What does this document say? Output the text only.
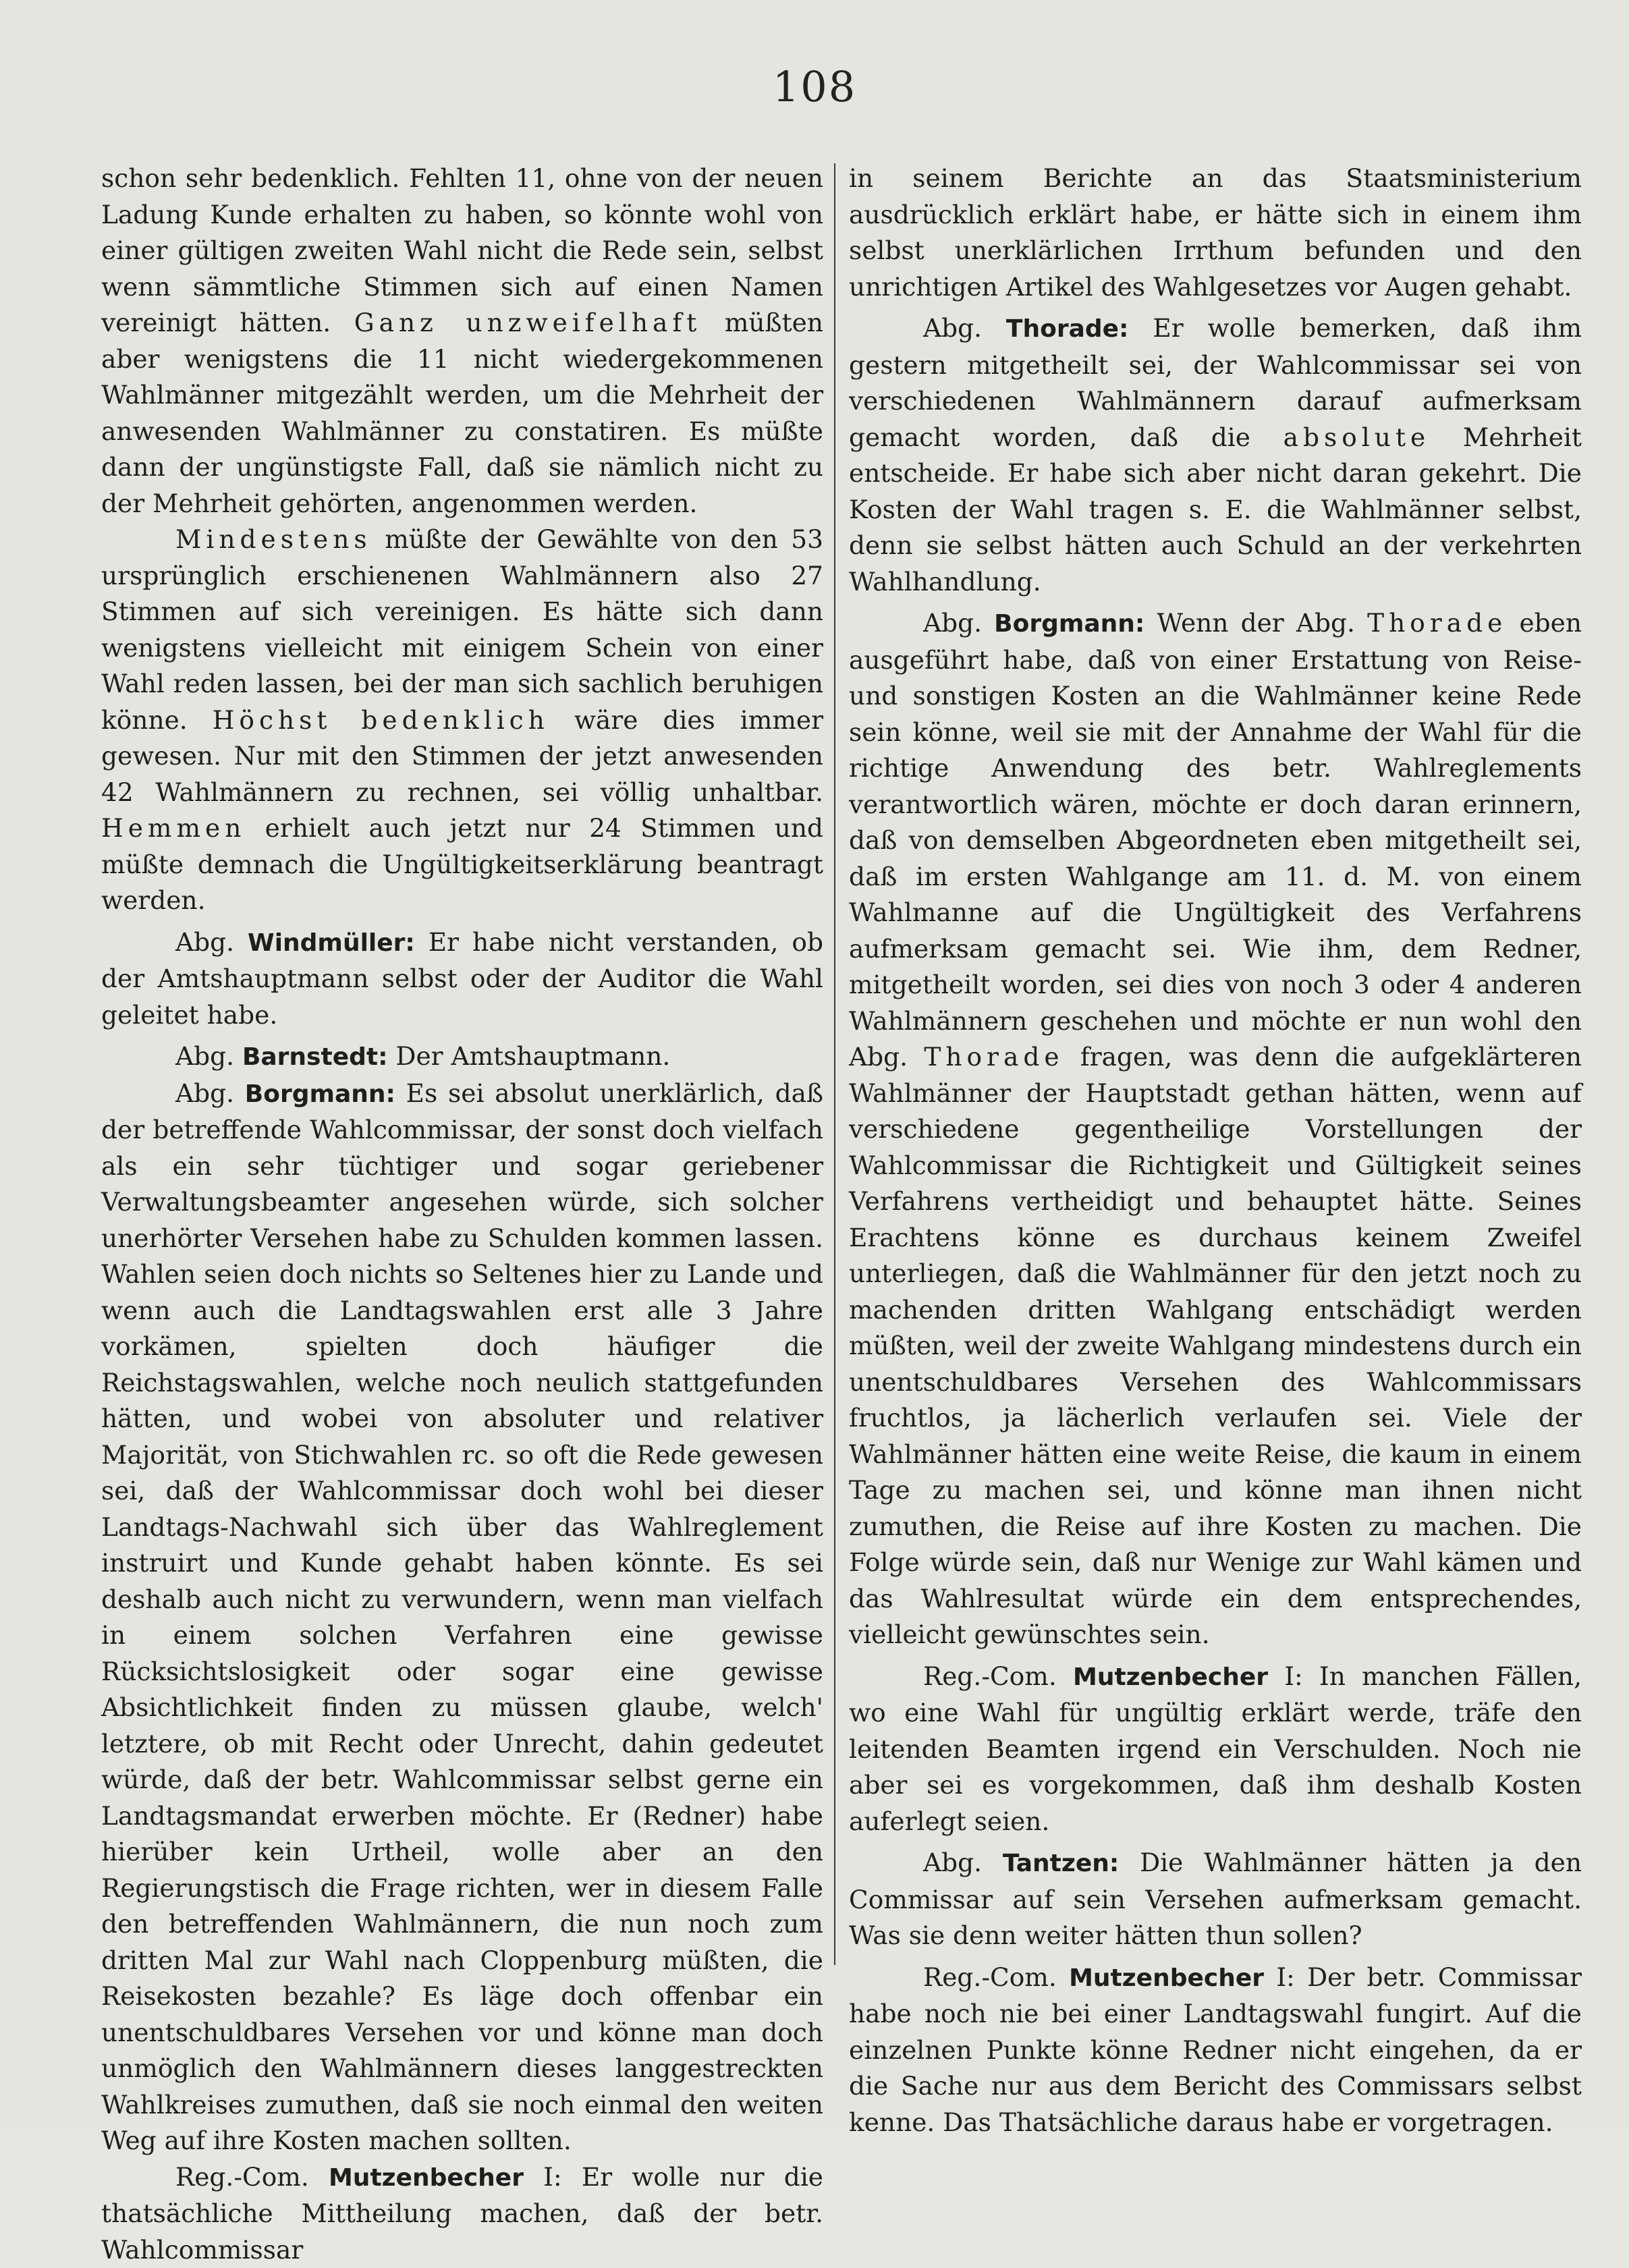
108

schon sehr bedenklich. Fehlten 11, ohne von der neuen Ladung Kunde erhalten zu haben, so könnte wohl von einer gültigen zweiten Wahl nicht die Rede sein, selbst wenn sämmtliche Stimmen sich auf einen Namen vereinigt hätten. Ganz unzweifelhaft müßten aber wenigstens die 11 nicht wiedergekommenen Wahlmänner mitgezählt werden, um die Mehrheit der anwesenden Wahlmänner zu constatiren. Es müßte dann der ungünstigste Fall, daß sie nämlich nicht zu der Mehrheit gehörten, angenommen werden.

Mindestens müßte der Gewählte von den 53 ursprünglich erschienenen Wahlmännern also 27 Stimmen auf sich vereinigen. Es hätte sich dann wenigstens vielleicht mit einigem Schein von einer Wahl reden lassen, bei der man sich sachlich beruhigen könne. Höchst bedenklich wäre dies immer gewesen. Nur mit den Stimmen der jetzt anwesenden 42 Wahlmännern zu rechnen, sei völlig unhaltbar. Hemmen erhielt auch jetzt nur 24 Stimmen und müßte demnach die Ungültigkeitserklärung beantragt werden.

Abg. Windmüller: Er habe nicht verstanden, ob der Amtshauptmann selbst oder der Auditor die Wahl geleitet habe.

Abg. Barnstedt: Der Amtshauptmann.

Abg. Borgmann: Es sei absolut unerklärlich, daß der betreffende Wahlcommissar, der sonst doch vielfach als ein sehr tüchtiger und sogar geriebener Verwaltungsbeamter angesehen würde, sich solcher unerhörter Versehen habe zu Schulden kommen lassen. Wahlen seien doch nichts so Seltenes hier zu Lande und wenn auch die Landtagswahlen erst alle 3 Jahre vorkämen, spielten doch häufiger die Reichstagswahlen, welche noch neulich stattgefunden hätten, und wobei von absoluter und relativer Majorität, von Stichwahlen rc. so oft die Rede gewesen sei, daß der Wahlcommissar doch wohl bei dieser Landtags-Nachwahl sich über das Wahlreglement instruirt und Kunde gehabt haben könnte. Es sei deshalb auch nicht zu verwundern, wenn man vielfach in einem solchen Verfahren eine gewisse Rücksichtslosigkeit oder sogar eine gewisse Absichtlichkeit finden zu müssen glaube, welch' letztere, ob mit Recht oder Unrecht, dahin gedeutet würde, daß der betr. Wahlcommissar selbst gerne ein Landtagsmandat erwerben möchte. Er (Redner) habe hierüber kein Urtheil, wolle aber an den Regierungstisch die Frage richten, wer in diesem Falle den betreffenden Wahlmännern, die nun noch zum dritten Mal zur Wahl nach Cloppenburg müßten, die Reisekosten bezahle? Es läge doch offenbar ein unentschuldbares Versehen vor und könne man doch unmöglich den Wahlmännern dieses langgestreckten Wahlkreises zumuthen, daß sie noch einmal den weiten Weg auf ihre Kosten machen sollten.

Reg.-Com. Mutzenbecher I: Er wolle nur die thatsächliche Mittheilung machen, daß der betr. Wahlcommissar

in seinem Berichte an das Staatsministerium ausdrücklich erklärt habe, er hätte sich in einem ihm selbst unerklärlichen Irrthum befunden und den unrichtigen Artikel des Wahlgesetzes vor Augen gehabt.

Abg. Thorade: Er wolle bemerken, daß ihm gestern mitgetheilt sei, der Wahlcommissar sei von verschiedenen Wahlmännern darauf aufmerksam gemacht worden, daß die absolute Mehrheit entscheide. Er habe sich aber nicht daran gekehrt. Die Kosten der Wahl tragen s. E. die Wahlmänner selbst, denn sie selbst hätten auch Schuld an der verkehrten Wahlhandlung.

Abg. Borgmann: Wenn der Abg. Thorade eben ausgeführt habe, daß von einer Erstattung von Reise- und sonstigen Kosten an die Wahlmänner keine Rede sein könne, weil sie mit der Annahme der Wahl für die richtige Anwendung des betr. Wahlreglements verantwortlich wären, möchte er doch daran erinnern, daß von demselben Abgeordneten eben mitgetheilt sei, daß im ersten Wahlgange am 11. d. M. von einem Wahlmanne auf die Ungültigkeit des Verfahrens aufmerksam gemacht sei. Wie ihm, dem Redner, mitgetheilt worden, sei dies von noch 3 oder 4 anderen Wahlmännern geschehen und möchte er nun wohl den Abg. Thorade fragen, was denn die aufgeklärteren Wahlmänner der Hauptstadt gethan hätten, wenn auf verschiedene gegentheilige Vorstellungen der Wahlcommissar die Richtigkeit und Gültigkeit seines Verfahrens vertheidigt und behauptet hätte. Seines Erachtens könne es durchaus keinem Zweifel unterliegen, daß die Wahlmänner für den jetzt noch zu machenden dritten Wahlgang entschädigt werden müßten, weil der zweite Wahlgang mindestens durch ein unentschuldbares Versehen des Wahlcommissars fruchtlos, ja lächerlich verlaufen sei. Viele der Wahlmänner hätten eine weite Reise, die kaum in einem Tage zu machen sei, und könne man ihnen nicht zumuthen, die Reise auf ihre Kosten zu machen. Die Folge würde sein, daß nur Wenige zur Wahl kämen und das Wahlresultat würde ein dem entsprechendes, vielleicht gewünschtes sein.

Reg.-Com. Mutzenbecher I: In manchen Fällen, wo eine Wahl für ungültig erklärt werde, träfe den leitenden Beamten irgend ein Verschulden. Noch nie aber sei es vorgekommen, daß ihm deshalb Kosten auferlegt seien.

Abg. Tantzen: Die Wahlmänner hätten ja den Commissar auf sein Versehen aufmerksam gemacht. Was sie denn weiter hätten thun sollen?

Reg.-Com. Mutzenbecher I: Der betr. Commissar habe noch nie bei einer Landtagswahl fungirt. Auf die einzelnen Punkte könne Redner nicht eingehen, da er die Sache nur aus dem Bericht des Commissars selbst kenne. Das Thatsächliche daraus habe er vorgetragen.
